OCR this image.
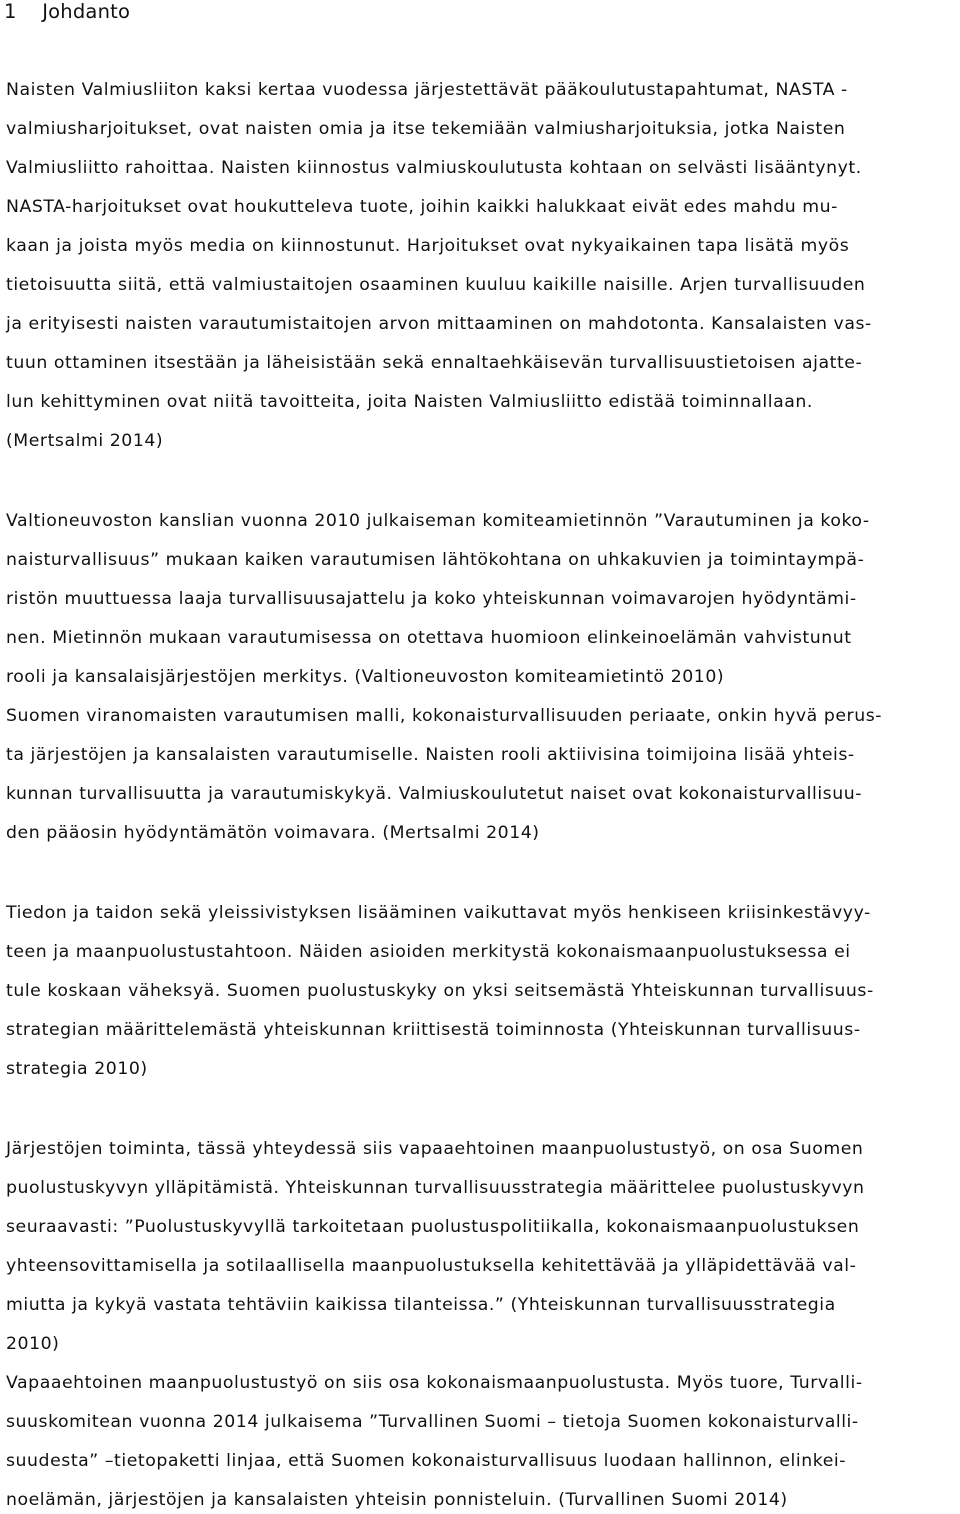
1    Johdanto
Naisten Valmiusliiton kaksi kertaa vuodessa järjestettävät pääkoulutustapahtumat, NASTA -
valmiusharjoitukset, ovat naisten omia ja itse tekemiään valmiusharjoituksia, jotka Naisten
Valmiusliitto rahoittaa. Naisten kiinnostus valmiuskoulutusta kohtaan on selvästi lisääntynyt.
NASTA-harjoitukset ovat houkutteleva tuote, joihin kaikki halukkaat eivät edes mahdu mu-
kaan ja joista myös media on kiinnostunut. Harjoitukset ovat nykyaikainen tapa lisätä myös
tietoisuutta siitä, että valmiustaitojen osaaminen kuuluu kaikille naisille. Arjen turvallisuuden
ja erityisesti naisten varautumistaitojen arvon mittaaminen on mahdotonta. Kansalaisten vas-
tuun ottaminen itsestään ja läheisistään sekä ennaltaehkäisevän turvallisuustietoisen ajatte-
lun kehittyminen ovat niitä tavoitteita, joita Naisten Valmiusliitto edistää toiminnallaan.
(Mertsalmi 2014)
Valtioneuvoston kanslian vuonna 2010 julkaiseman komiteamietinnön ”Varautuminen ja koko-
naisturvallisuus” mukaan kaiken varautumisen lähtökohtana on uhkakuvien ja toimintaympä-
ristön muuttuessa laaja turvallisuusajattelu ja koko yhteiskunnan voimavarojen hyödyntämi-
nen. Mietinnön mukaan varautumisessa on otettava huomioon elinkeinoelämän vahvistunut
rooli ja kansalaisjärjestöjen merkitys. (Valtioneuvoston komiteamietintö 2010)
Suomen viranomaisten varautumisen malli, kokonaisturvallisuuden periaate, onkin hyvä perus-
ta järjestöjen ja kansalaisten varautumiselle. Naisten rooli aktiivisina toimijoina lisää yhteis-
kunnan turvallisuutta ja varautumiskykyä. Valmiuskoulutetut naiset ovat kokonaisturvallisuu-
den pääosin hyödyntämätön voimavara. (Mertsalmi 2014)
Tiedon ja taidon sekä yleissivistyksen lisääminen vaikuttavat myös henkiseen kriisinkestävyy-
teen ja maanpuolustustahtoon. Näiden asioiden merkitystä kokonaismaanpuolustuksessa ei
tule koskaan väheksyä. Suomen puolustuskyky on yksi seitsemästä Yhteiskunnan turvallisuus-
strategian määrittelemästä yhteiskunnan kriittisestä toiminnosta (Yhteiskunnan turvallisuus-
strategia 2010)
Järjestöjen toiminta, tässä yhteydessä siis vapaaehtoinen maanpuolustustyö, on osa Suomen
puolustuskyvyn ylläpitämistä. Yhteiskunnan turvallisuusstrategia määrittelee puolustuskyvyn
seuraavasti: ”Puolustuskyvyllä tarkoitetaan puolustuspolitiikalla, kokonaismaanpuolustuksen
yhteensovittamisella ja sotilaallisella maanpuolustuksella kehitettävää ja ylläpidettävää val-
miutta ja kykyä vastata tehtäviin kaikissa tilanteissa.” (Yhteiskunnan turvallisuusstrategia
2010)
Vapaaehtoinen maanpuolustustyö on siis osa kokonaismaanpuolustusta. Myös tuore, Turvalli-
suuskomitean vuonna 2014 julkaisema ”Turvallinen Suomi – tietoja Suomen kokonaisturvalli-
suudesta” –tietopaketti linjaa, että Suomen kokonaisturvallisuus luodaan hallinnon, elinkei-
noelämän, järjestöjen ja kansalaisten yhteisin ponnisteluin. (Turvallinen Suomi 2014)
